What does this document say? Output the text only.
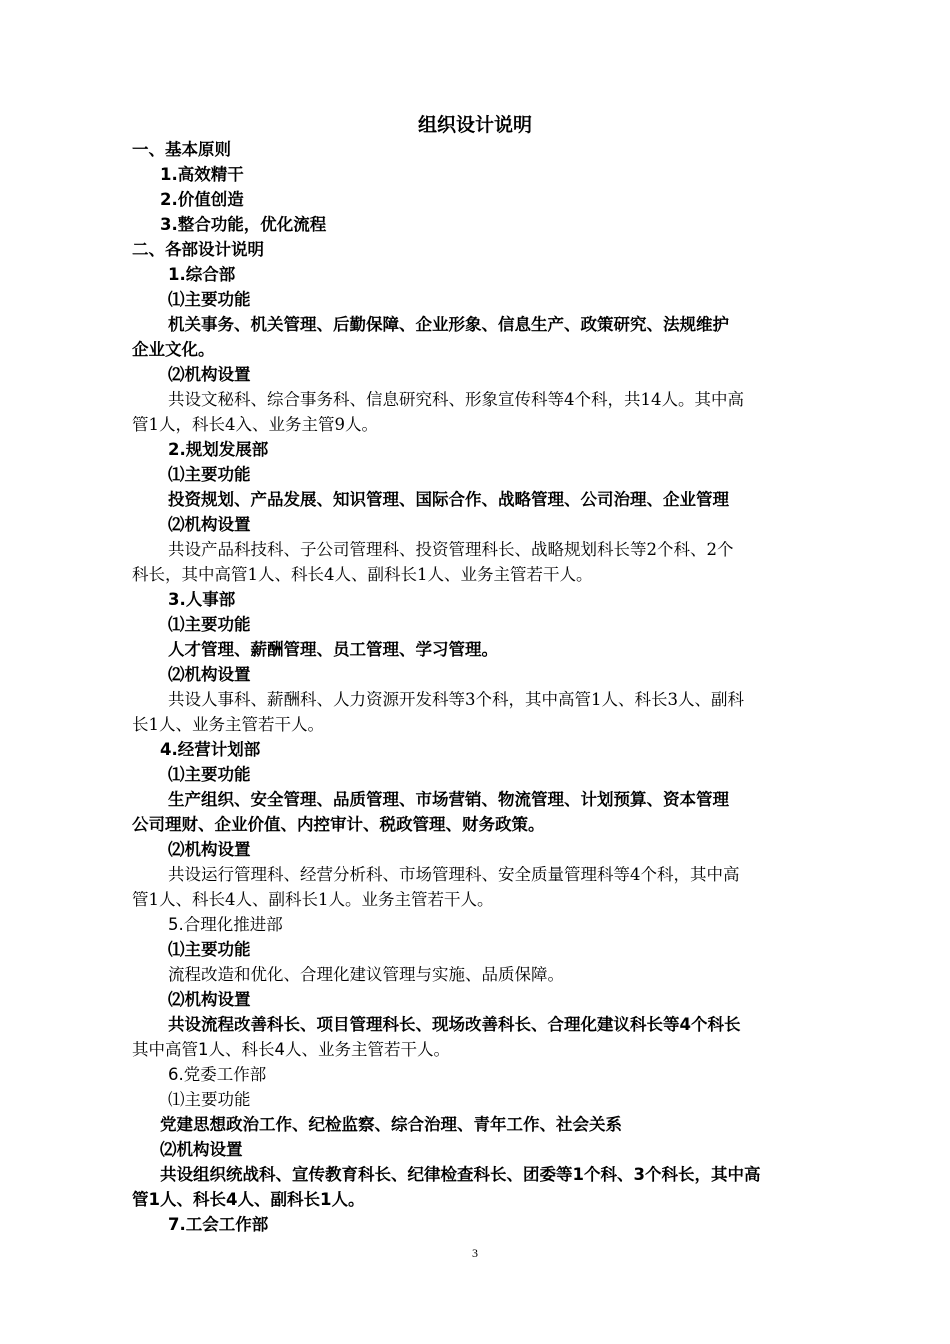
组织设计说明
一、基本原则
1.高效精干
2.价值创造
3.整合功能，优化流程
二、各部设计说明
1.综合部
⑴主要功能
机关事务、机关管理、后勤保障、企业形象、信息生产、政策研究、法规维护
企业文化。
⑵机构设置
共设文秘科、综合事务科、信息研究科、形象宣传科等4个科，共14人。其中高
管1人，科长4入、业务主管9人。
2.规划发展部
⑴主要功能
投资规划、产品发展、知识管理、国际合作、战略管理、公司治理、企业管理
⑵机构设置
共设产品科技科、子公司管理科、投资管理科长、战略规划科长等2个科、2个
科长，其中高管1人、科长4人、副科长1人、业务主管若干人。
3.人事部
⑴主要功能
人才管理、薪酬管理、员工管理、学习管理。
⑵机构设置
共设人事科、薪酬科、人力资源开发科等3个科，其中高管1人、科长3人、副科
长1人、业务主管若干人。
4.经营计划部
⑴主要功能
生产组织、安全管理、品质管理、市场营销、物流管理、计划预算、资本管理
公司理财、企业价值、内控审计、税政管理、财务政策。
⑵机构设置
共设运行管理科、经营分析科、市场管理科、安全质量管理科等4个科，其中高
管1人、科长4人、副科长1人。业务主管若干人。
5.合理化推进部
⑴主要功能
流程改造和优化、合理化建议管理与实施、品质保障。
⑵机构设置
共设流程改善科长、项目管理科长、现场改善科长、合理化建议科长等4个科长
其中高管1人、科长4人、业务主管若干人。
6.党委工作部
⑴主要功能
党建思想政治工作、纪检监察、综合治理、青年工作、社会关系
⑵机构设置
共设组织统战科、宣传教育科长、纪律检查科长、团委等1个科、3个科长，其中高
管1人、科长4人、副科长1人。
7.工会工作部
3
